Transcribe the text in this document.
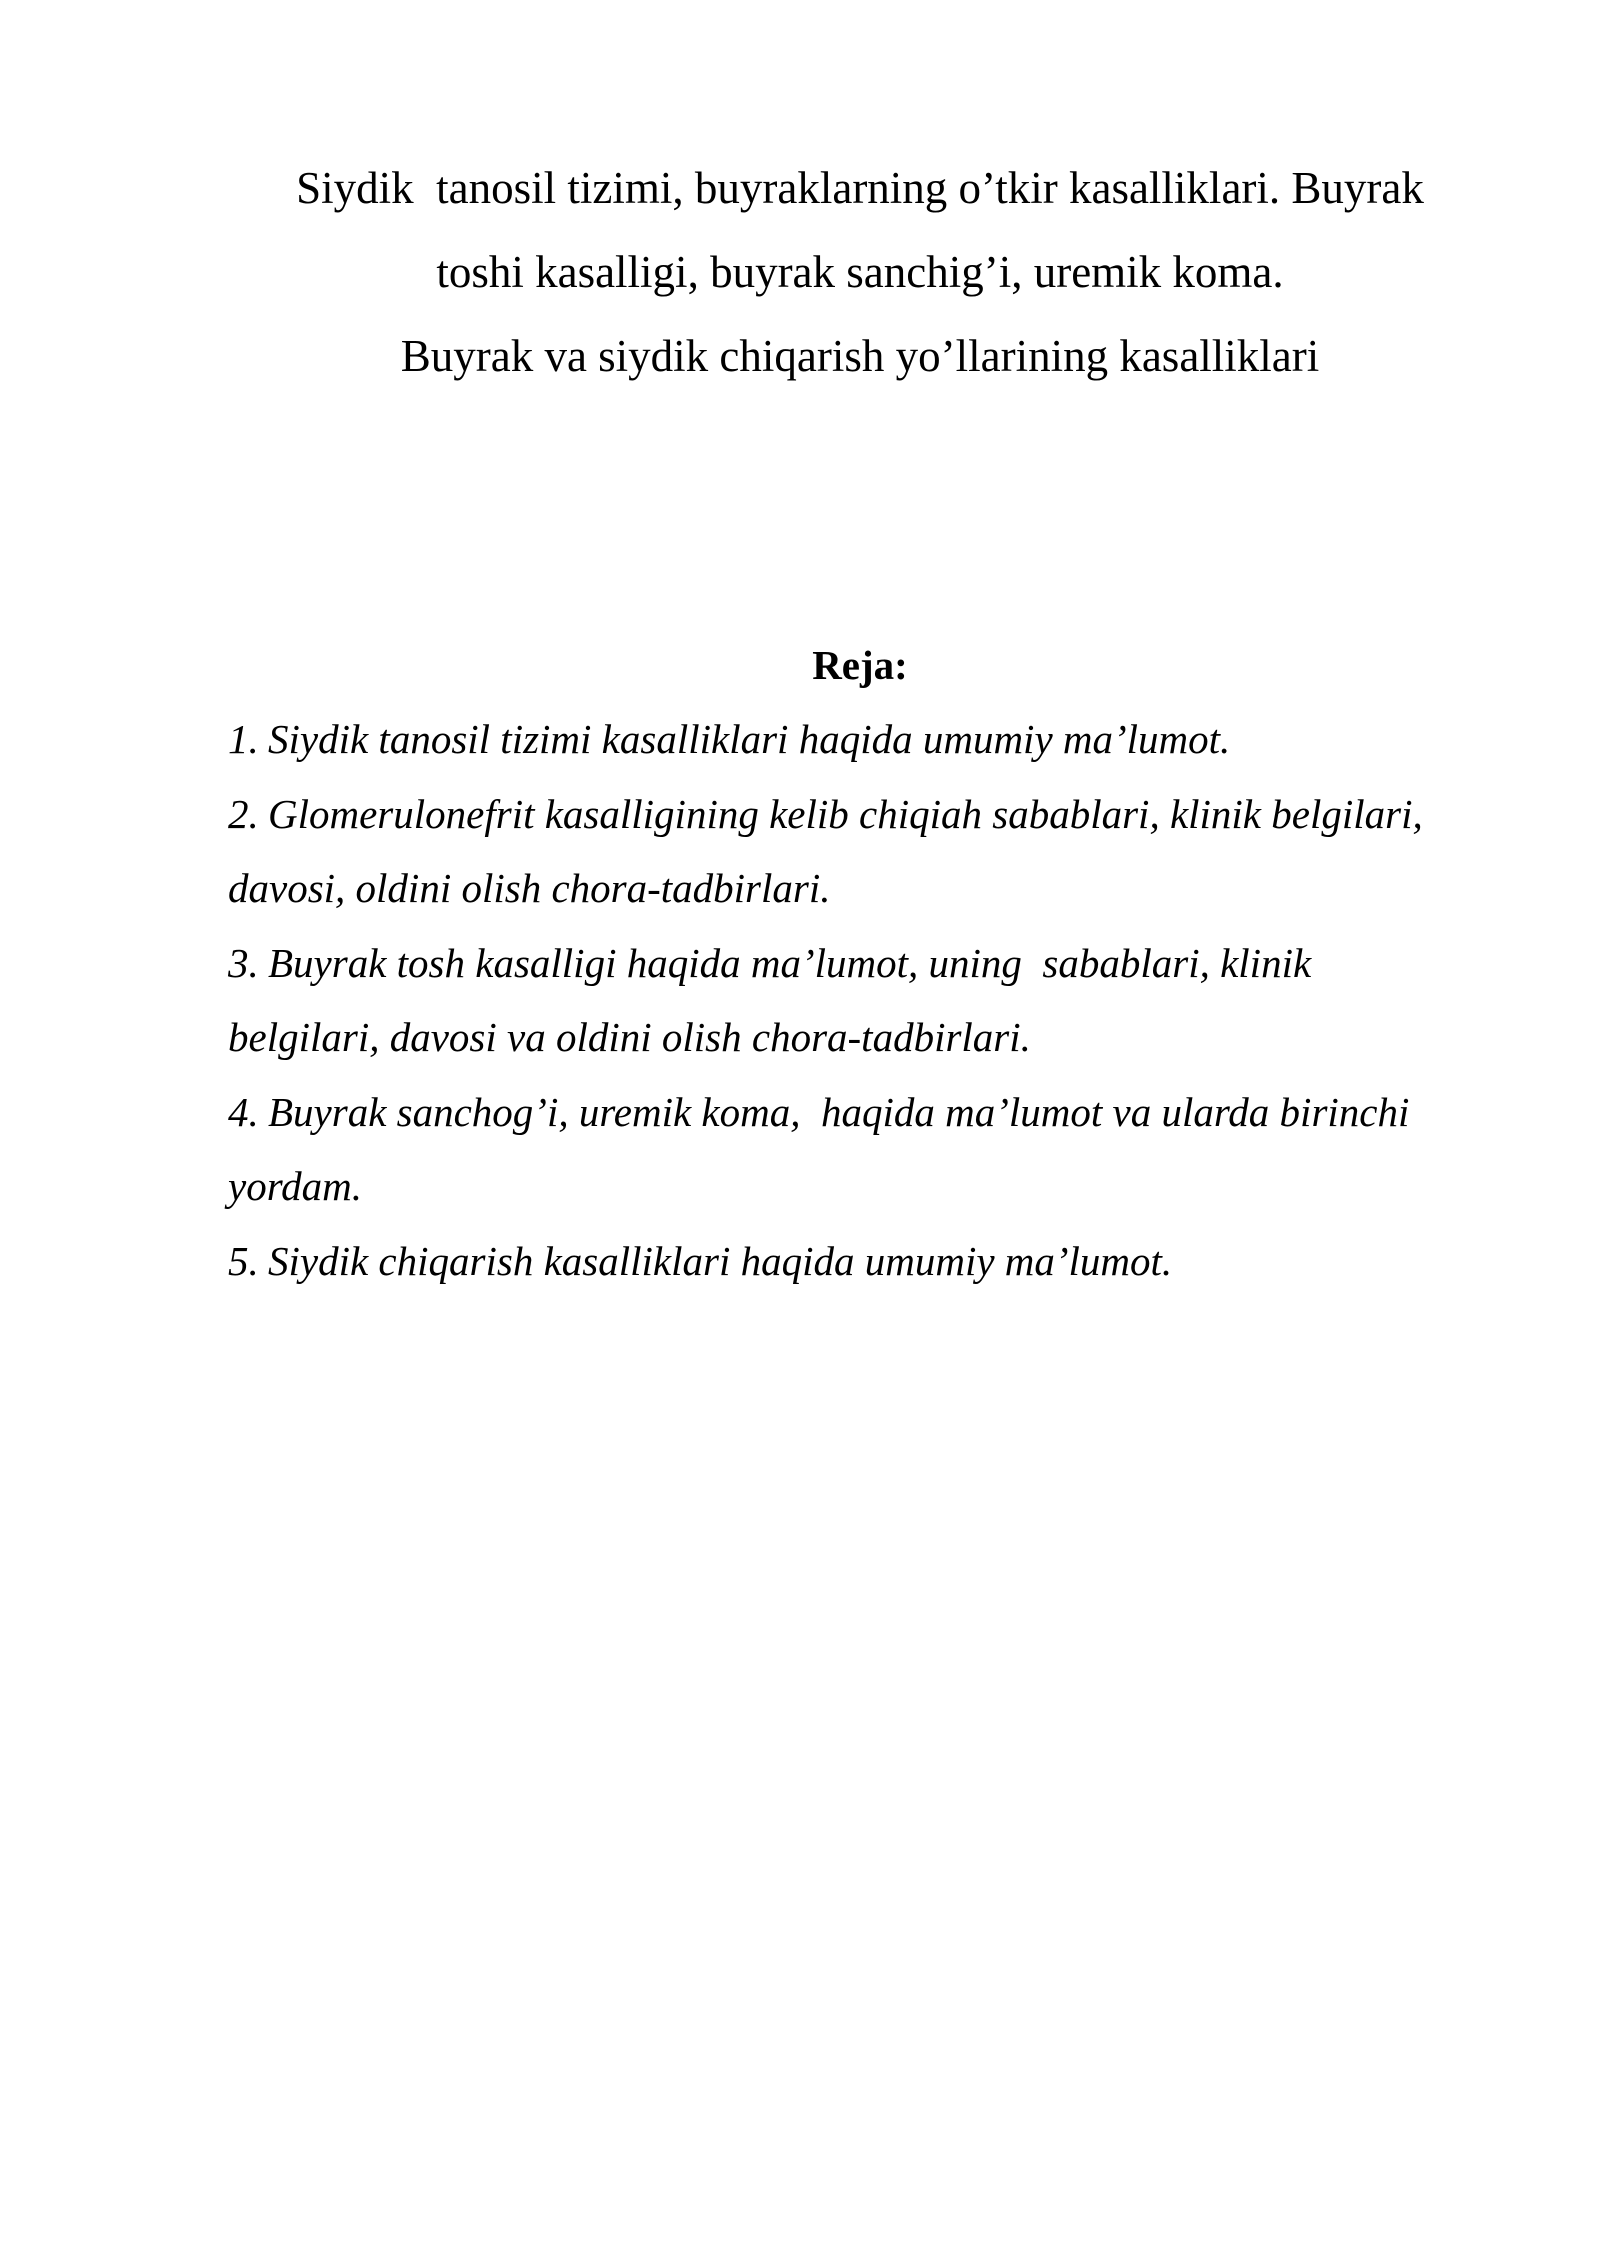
Siydik  tanosil tizimi, buyraklarning o’tkir kasalliklari. Buyrak
toshi kasalligi, buyrak sanchig’i, uremik koma.
Buyrak va siydik chiqarish yo’llarining kasalliklari
Reja:
1. Siydik tanosil tizimi kasalliklari haqida umumiy ma’lumot.
2. Glomerulonefrit kasalligining kelib chiqiah sabablari, klinik belgilari,
davosi, oldini olish chora-tadbirlari.
3. Buyrak tosh kasalligi haqida ma’lumot, uning  sabablari, klinik
belgilari, davosi va oldini olish chora-tadbirlari.
4. Buyrak sanchog’i, uremik koma,  haqida ma’lumot va ularda birinchi
yordam.
5. Siydik chiqarish kasalliklari haqida umumiy ma’lumot.
